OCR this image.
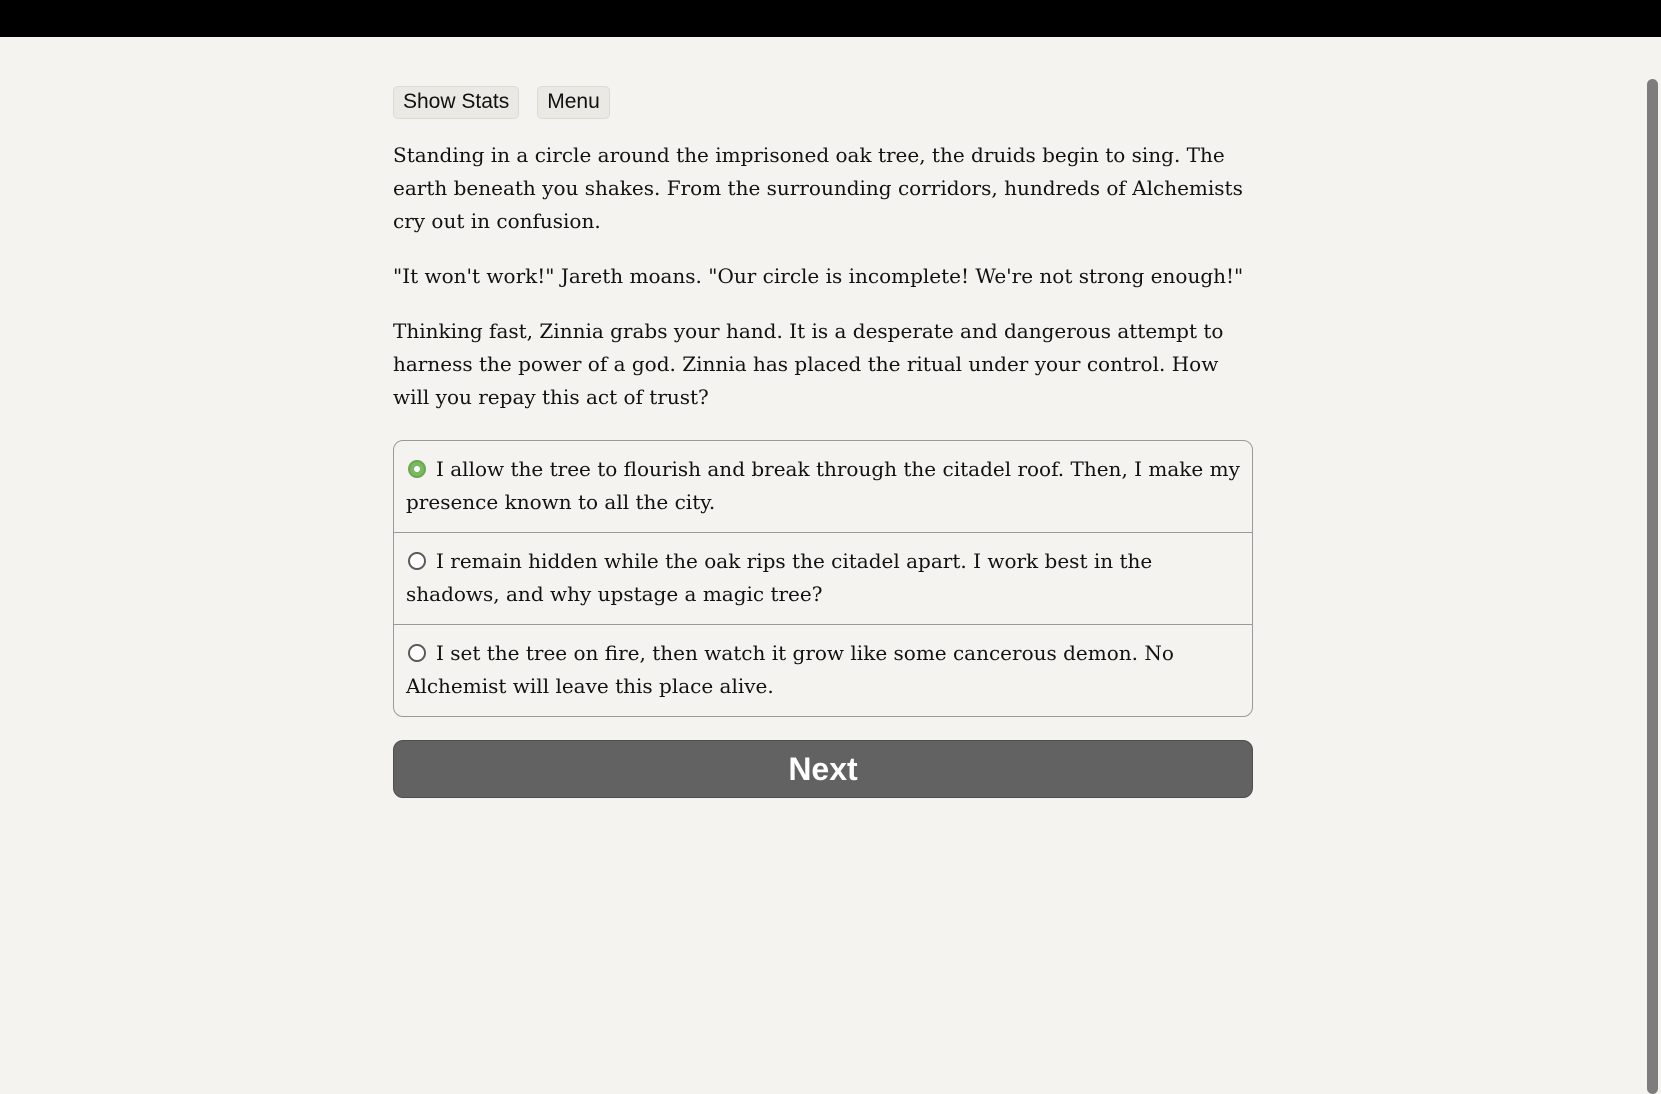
Show Stats	Menu

Standing in a circle around the imprisoned oak tree, the druids begin to sing. The earth beneath you shakes. From the surrounding corridors, hundreds of Alchemists cry out in confusion.

"It won't work!" Jareth moans. "Our circle is incomplete! We're not strong enough!"

Thinking fast, Zinnia grabs your hand. It is a desperate and dangerous attempt to harness the power of a god. Zinnia has placed the ritual under your control. How will you repay this act of trust?

I allow the tree to flourish and break through the citadel roof. Then, I make my presence known to all the city.
I remain hidden while the oak rips the citadel apart. I work best in the shadows, and why upstage a magic tree?
I set the tree on fire, then watch it grow like some cancerous demon. No Alchemist will leave this place alive.
Next
